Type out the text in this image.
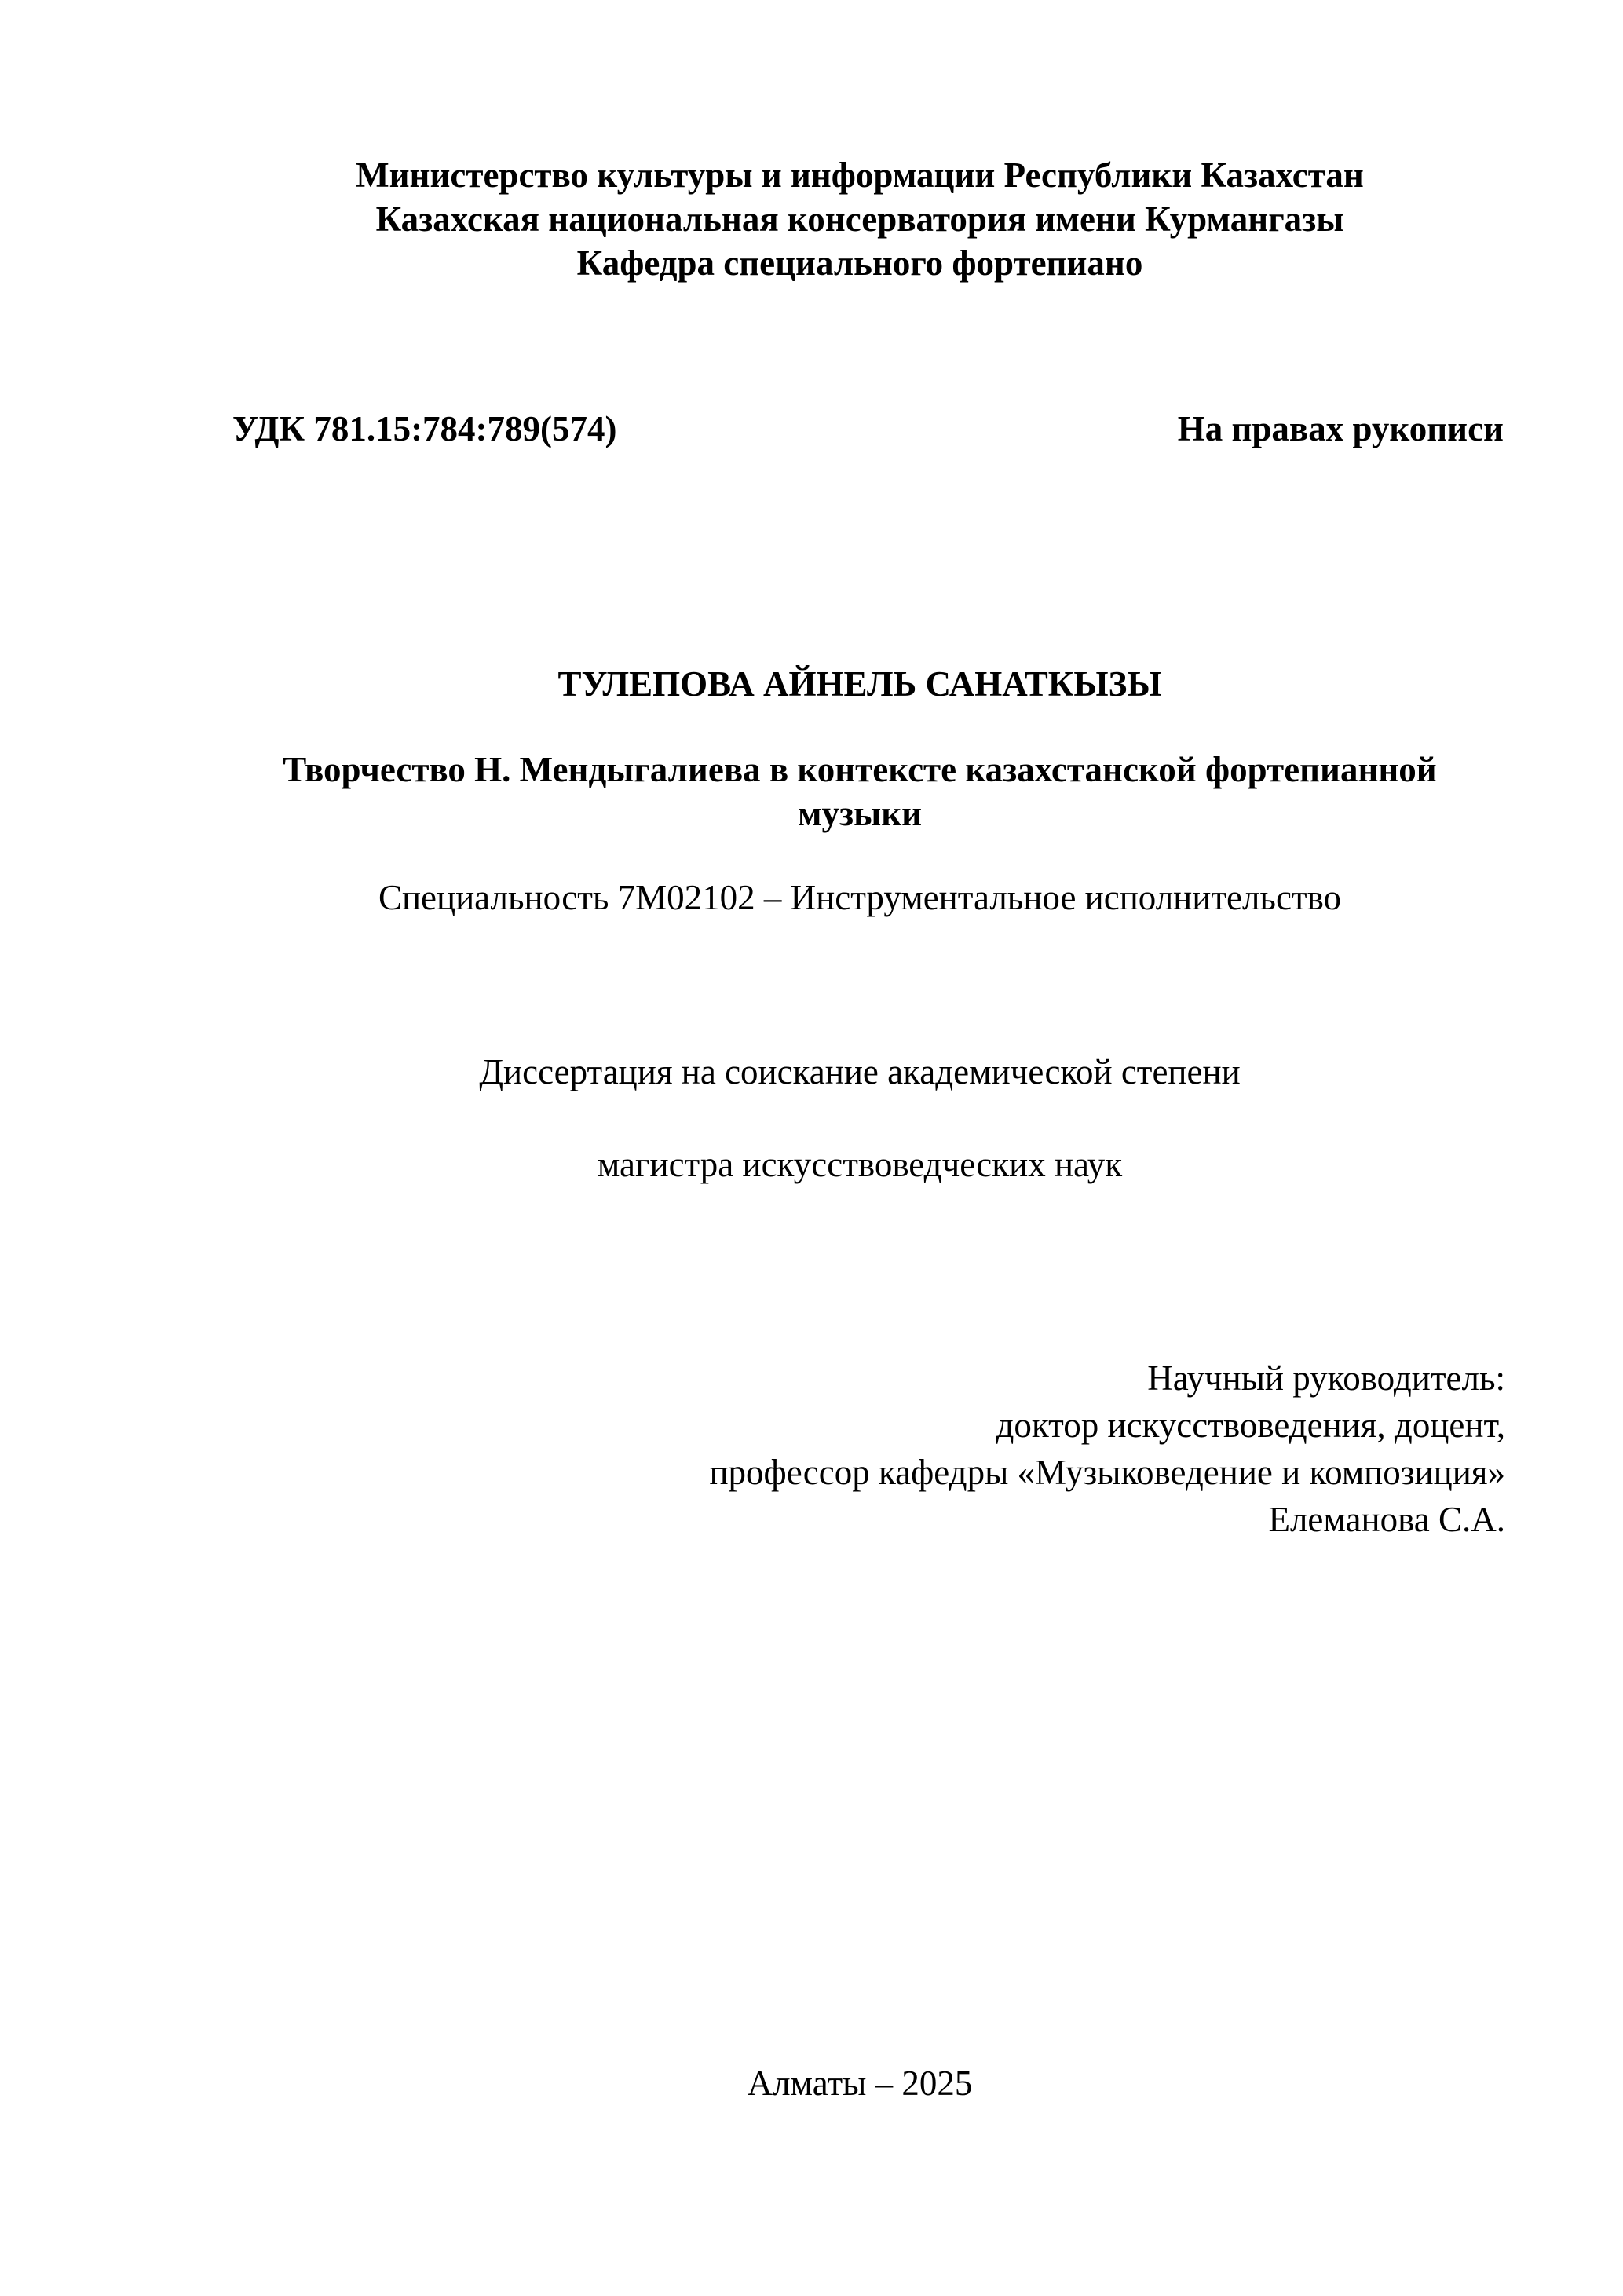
Министерство культуры и информации Республики Казахстан
Казахская национальная консерватория имени Курмангазы
Кафедра специального фортепиано
УДК 781.15:784:789(574)	На правах рукописи
ТУЛЕПОВА АЙНЕЛЬ САНАТКЫЗЫ
Творчество Н. Мендыгалиева в контексте казахстанской фортепианной
музыки
Специальность 7М02102 – Инструментальное исполнительство
Диссертация на соискание академической степени
магистра искусствоведческих наук
Научный руководитель:
доктор искусствоведения, доцент,
профессор кафедры «Музыковедение и композиция»
Елеманова С.А.
Алматы – 2025
